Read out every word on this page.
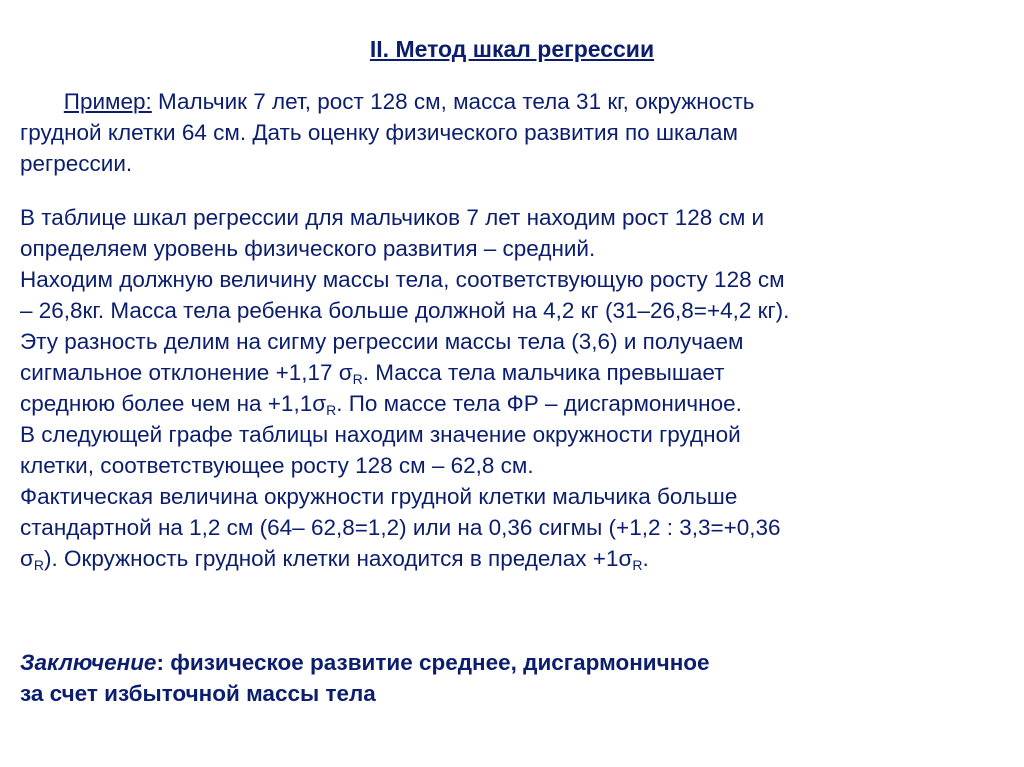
II. Метод шкал регрессии
Пример: Мальчик 7 лет, рост 128 см, масса тела 31 кг, окружность
грудной клетки 64 см. Дать оценку физического развития по шкалам
регрессии.
В таблице шкал регрессии для мальчиков 7 лет находим рост 128 см и
определяем уровень физического развития – средний.
Находим должную величину массы тела, соответствующую росту 128 см
– 26,8кг. Масса тела ребенка больше должной на 4,2 кг (31–26,8=+4,2 кг).
Эту разность делим на сигму регрессии массы тела (3,6) и получаем
сигмальное отклонение +1,17 $\sigma_R$. Масса тела мальчика превышает
среднюю более чем на $+1,1\sigma_R$. По массе тела ФР – дисгармоничное.
В следующей графе таблицы находим значение окружности грудной
клетки, соответствующее росту 128 см – 62,8 см.
Фактическая величина окружности грудной клетки мальчика больше
стандартной на 1,2 см (64– 62,8=1,2) или на 0,36 сигмы (+1,2 : 3,3=+0,36
$\sigma_R$). Окружность грудной клетки находится в пределах $+1\sigma_R$.
Заключение: физическое развитие среднее, дисгармоничное
за счет избыточной массы тела
